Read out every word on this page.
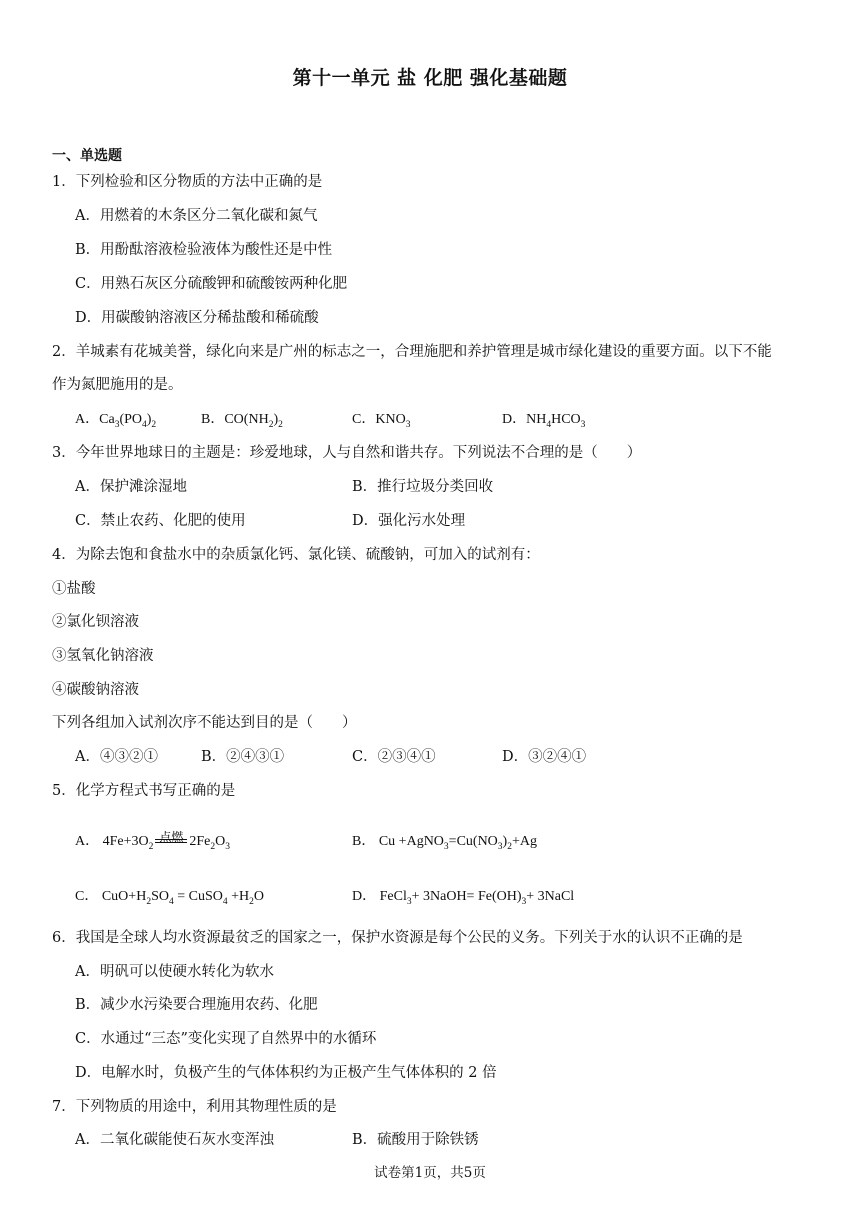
第十一单元 盐 化肥 强化基础题
一、单选题
1．下列检验和区分物质的方法中正确的是
A．用燃着的木条区分二氧化碳和氮气
B．用酚酞溶液检验液体为酸性还是中性
C．用熟石灰区分硫酸钾和硫酸铵两种化肥
D．用碳酸钠溶液区分稀盐酸和稀硫酸
2．羊城素有花城美誉，绿化向来是广州的标志之一，合理施肥和养护管理是城市绿化建设的重要方面。以下不能
作为氮肥施用的是。
A．$Ca_3(PO_4)_2$	B．$CO(NH_2)_2$	C．$KNO_3$	D．$NH_4HCO_3$
3．今年世界地球日的主题是：珍爱地球，人与自然和谐共存。下列说法不合理的是（　　）
A．保护滩涂湿地	B．推行垃圾分类回收
C．禁止农药、化肥的使用	D．强化污水处理
4．为除去饱和食盐水中的杂质氯化钙、氯化镁、硫酸钠，可加入的试剂有：
①盐酸
②氯化钡溶液
③氢氧化钠溶液
④碳酸钠溶液
下列各组加入试剂次序不能达到目的是（　　）
A．④③②①	B．②④③①	C．②③④①	D．③②④①
5．化学方程式书写正确的是
A． $4Fe+3O_2$
点燃 $2Fe_2O_3$	B． $Cu +AgNO_3=Cu(NO_3)_2+Ag$
C． $CuO+H_2SO_4$ = CuSO$_4$ $+H_2O$	D． FeCl$_3$+ 3NaOH= $Fe(OH)_3+$ 3NaCl
6．我国是全球人均水资源最贫乏的国家之一，保护水资源是每个公民的义务。下列关于水的认识不正确的是
A．明矾可以使硬水转化为软水
B．减少水污染要合理施用农药、化肥
C．水通过“三态”变化实现了自然界中的水循环
D．电解水时，负极产生的气体体积约为正极产生气体体积的 2 倍
7．下列物质的用途中，利用其物理性质的是
A．二氧化碳能使石灰水变浑浊	B．硫酸用于除铁锈
试卷第1页，共5页
